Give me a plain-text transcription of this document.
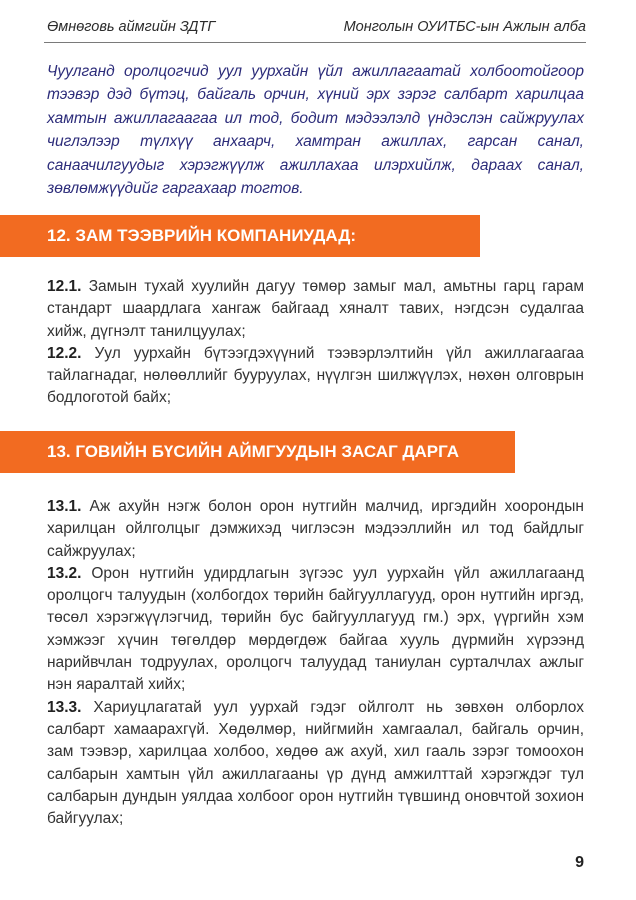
Өмнөговь аймгийн ЗДТГ	Монголын ОУИТБС-ын Ажлын алба
Чуулганд оролцогчид уул уурхайн үйл ажиллагаатай холбоотойгоор тээвэр дэд бүтэц, байгаль орчин, хүний эрх зэрэг салбарт харилцаа хамтын ажиллагаагаа ил тод, бодит мэдээлэлд үндэслэн сайжруулах чиглэлээр түлхүү анхаарч, хамтран ажиллах, гарсан санал, санаачилгуудыг хэрэгжүүлж ажиллахаа илэрхийлж, дараах санал, зөвлөмжүүдийг гаргахаар тогтов.
12. ЗАМ ТЭЭВРИЙН КОМПАНИУДАД:

12.1. Замын тухай хуулийн дагуу төмөр замыг мал, амьтны гарц гарам стандарт шаардлага хангаж байгаад хяналт тавих, нэгдсэн судалгаа хийж, дүгнэлт танилцуулах;

12.2. Уул уурхайн бүтээгдэхүүний тээвэрлэлтийн үйл ажиллагаагаа тайлагнадаг, нөлөөллийг бууруулах, нүүлгэн шилжүүлэх, нөхөн олговрын бодлоготой байх;

13. ГОВИЙН БҮСИЙН АЙМГУУДЫН ЗАСАГ ДАРГА НАРТ:

13.1. Аж ахуйн нэгж болон орон нутгийн малчид, иргэдийн хоорондын харилцан ойлголцыг дэмжихэд чиглэсэн мэдээллийн ил тод байдлыг сайжруулах;

13.2. Орон нутгийн удирдлагын зүгээс уул уурхайн үйл ажиллагаанд оролцогч талуудын (холбогдох төрийн байгууллагууд, орон нутгийн иргэд, төсөл хэрэгжүүлэгчид, төрийн бус байгууллагууд гм.) эрх, үүргийн хэм хэмжээг хүчин төгөлдөр мөрдөгдөж байгаа хууль дүрмийн хүрээнд нарийвчлан тодруулах, оролцогч талуудад таниулан сурталчлах ажлыг нэн яаралтай хийх;

13.3. Хариуцлагатай уул уурхай гэдэг ойлголт нь зөвхөн олборлох салбарт хамаарахгүй. Хөдөлмөр, нийгмийн хамгаалал, байгаль орчин, зам тээвэр, харилцаа холбоо, хөдөө аж ахуй, хил гааль зэрэг томоохон салбарын хамтын үйл ажиллагааны үр дүнд амжилттай хэрэгждэг тул салбарын дундын уялдаа холбоог орон нутгийн түвшинд оновчтой зохион байгуулах;

9
